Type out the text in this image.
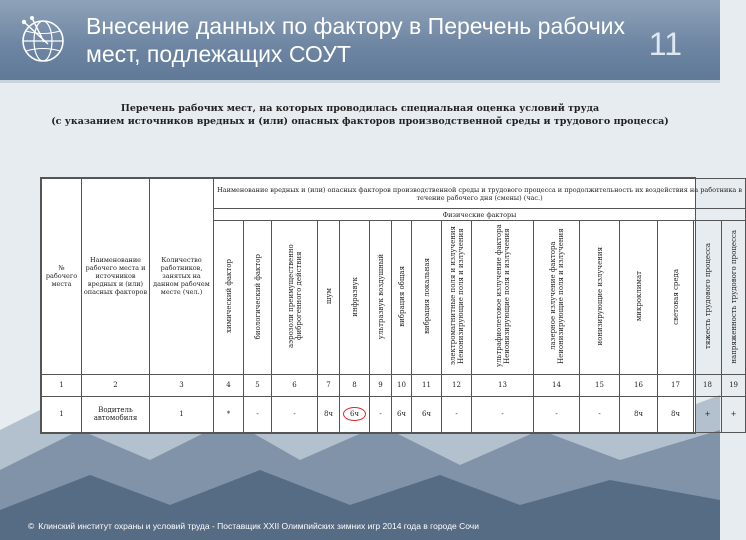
Внесение данных по фактору в Перечень рабочих мест, подлежащих СОУТ	11
Перечень рабочих мест, на которых проводилась специальная оценка условий труда
(с указанием источников вредных и (или) опасных факторов производственной среды и трудового процесса)
№ рабочего места	Наименование рабочего места и источников вредных и (или) опасных факторов	Количество работников, занятых на данном рабочем месте (чел.)	Наименование вредных и (или) опасных факторов производственной среды и трудового процесса и продолжительность их воздействия на работника в течение рабочего дня (смены) (час.)															
			Физические факторы															
			химический фактор	биологический фактор	аэрозоли преимущественно фиброгенного действия	шум	инфразвук	ультразвук воздушный	вибрация общая	вибрация локальная	электромагнитные поля и излучения Неионизирующие поля и излучения	ультрафиолетовое излучение фактора Неионизирующие поля и излучения	лазерное излучение фактора Неионизирующие поля и излучения	ионизирующие излучения	микроклимат	световая среда	тяжесть трудового процесса	напряженность трудового процесса
1	2	3	4	5	6	7	8	9	10	11	12	13	14	15	16	17	18	19
1	Водитель автомобиля	1	*	-	-	8ч	6ч	-	6ч	6ч	-	-	-	-	8ч	8ч	+	+
© Клинский институт охраны и условий труда - Поставщик XXII Олимпийских зимних игр 2014 года в городе Сочи
